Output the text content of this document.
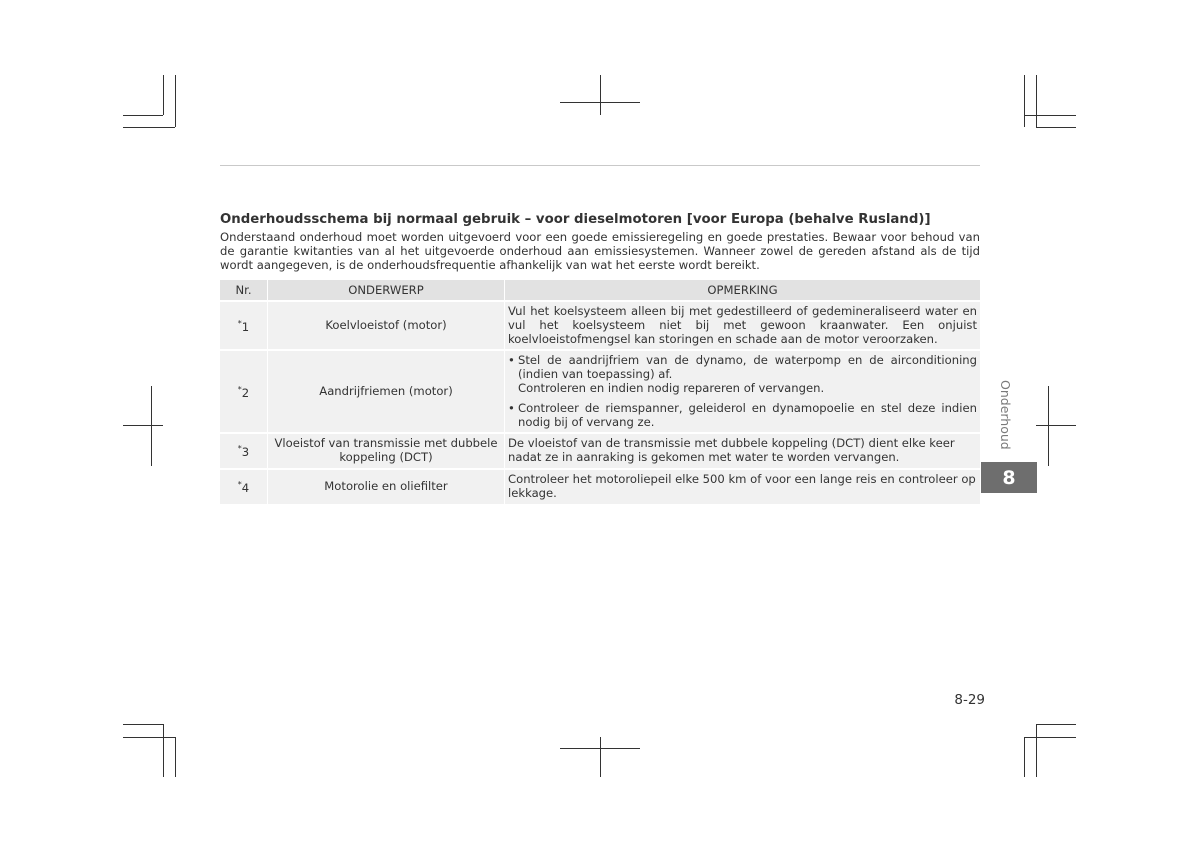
Onderhoudsschema bij normaal gebruik – voor dieselmotoren [voor Europa (behalve Rusland)]
Onderstaand onderhoud moet worden uitgevoerd voor een goede emissieregeling en goede prestaties. Bewaar voor behoud van de garantie kwitanties van al het uitgevoerde onderhoud aan emissiesystemen. Wanneer zowel de gereden afstand als de tijd wordt aangegeven, is de onderhoudsfrequentie afhankelijk van wat het eerste wordt bereikt.
Nr.	ONDERWERP	OPMERKING
*1	Koelvloeistof (motor)	Vul het koelsysteem alleen bij met gedestilleerd of gedemineraliseerd water en vul het koelsysteem niet bij met gewoon kraanwater. Een onjuist koelvloeistofmengsel kan storingen en schade aan de motor veroorzaken.
*2	Aandrijfriemen (motor)	• Stel de aandrijfriem van de dynamo, de waterpomp en de airconditioning (indien van toepassing) af.
Controleren en indien nodig repareren of vervangen.
• Controleer de riemspanner, geleiderol en dynamopoelie en stel deze indien nodig bij of vervang ze.

*3	Vloeistof van transmissie met dubbele koppeling (DCT)	De vloeistof van de transmissie met dubbele koppeling (DCT) dient elke keer nadat ze in aanraking is gekomen met water te worden vervangen.
*4	Motorolie en oliefilter	Controleer het motoroliepeil elke 500 km of voor een lange reis en controleer op lekkage.
Onderhoud
8
8-29
